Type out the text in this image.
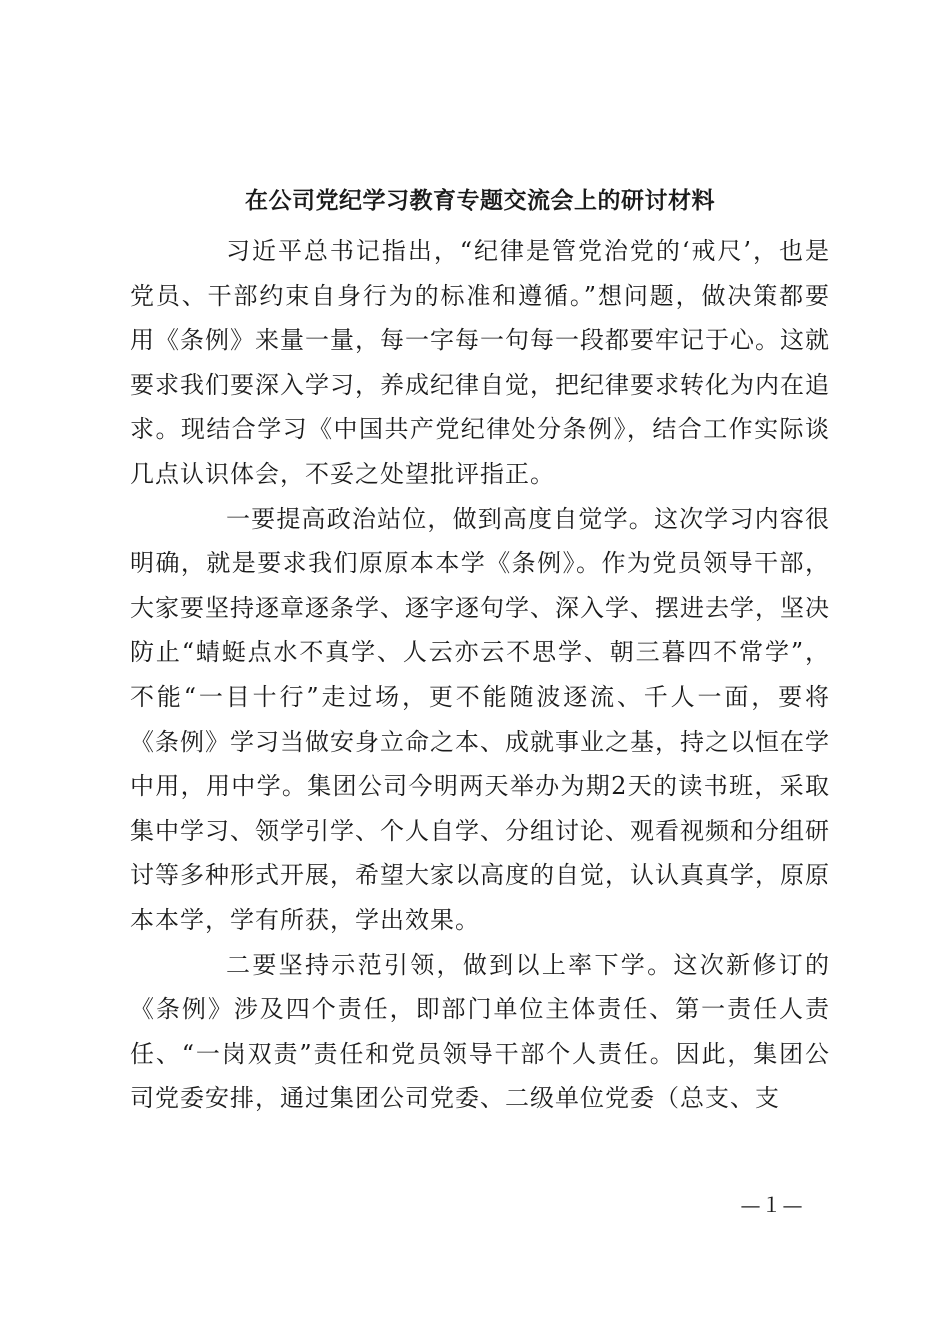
在公司党纪学习教育专题交流会上的研讨材料

习近平总书记指出，“纪律是管党治党的‘戒尺’，也是党员、干部约束自身行为的标准和遵循。”想问题，做决策都要用《条例》来量一量，每一字每一句每一段都要牢记于心。这就要求我们要深入学习，养成纪律自觉，把纪律要求转化为内在追求。现结合学习《中国共产党纪律处分条例》，结合工作实际谈几点认识体会，不妥之处望批评指正。

一要提高政治站位，做到高度自觉学。这次学习内容很明确，就是要求我们原原本本学《条例》。作为党员领导干部，大家要坚持逐章逐条学、逐字逐句学、深入学、摆进去学，坚决防止“蜻蜓点水不真学、人云亦云不思学、朝三暮四不常学”，不能“一目十行”走过场，更不能随波逐流、千人一面，要将《条例》学习当做安身立命之本、成就事业之基，持之以恒在学中用，用中学。集团公司今明两天举办为期2天的读书班，采取集中学习、领学引学、个人自学、分组讨论、观看视频和分组研讨等多种形式开展，希望大家以高度的自觉，认认真真学，原原本本学，学有所获，学出效果。

二要坚持示范引领，做到以上率下学。这次新修订的《条例》涉及四个责任，即部门单位主体责任、第一责任人责任、“一岗双责”责任和党员领导干部个人责任。因此，集团公司党委安排，通过集团公司党委、二级单位党委（总支、支

—１—
